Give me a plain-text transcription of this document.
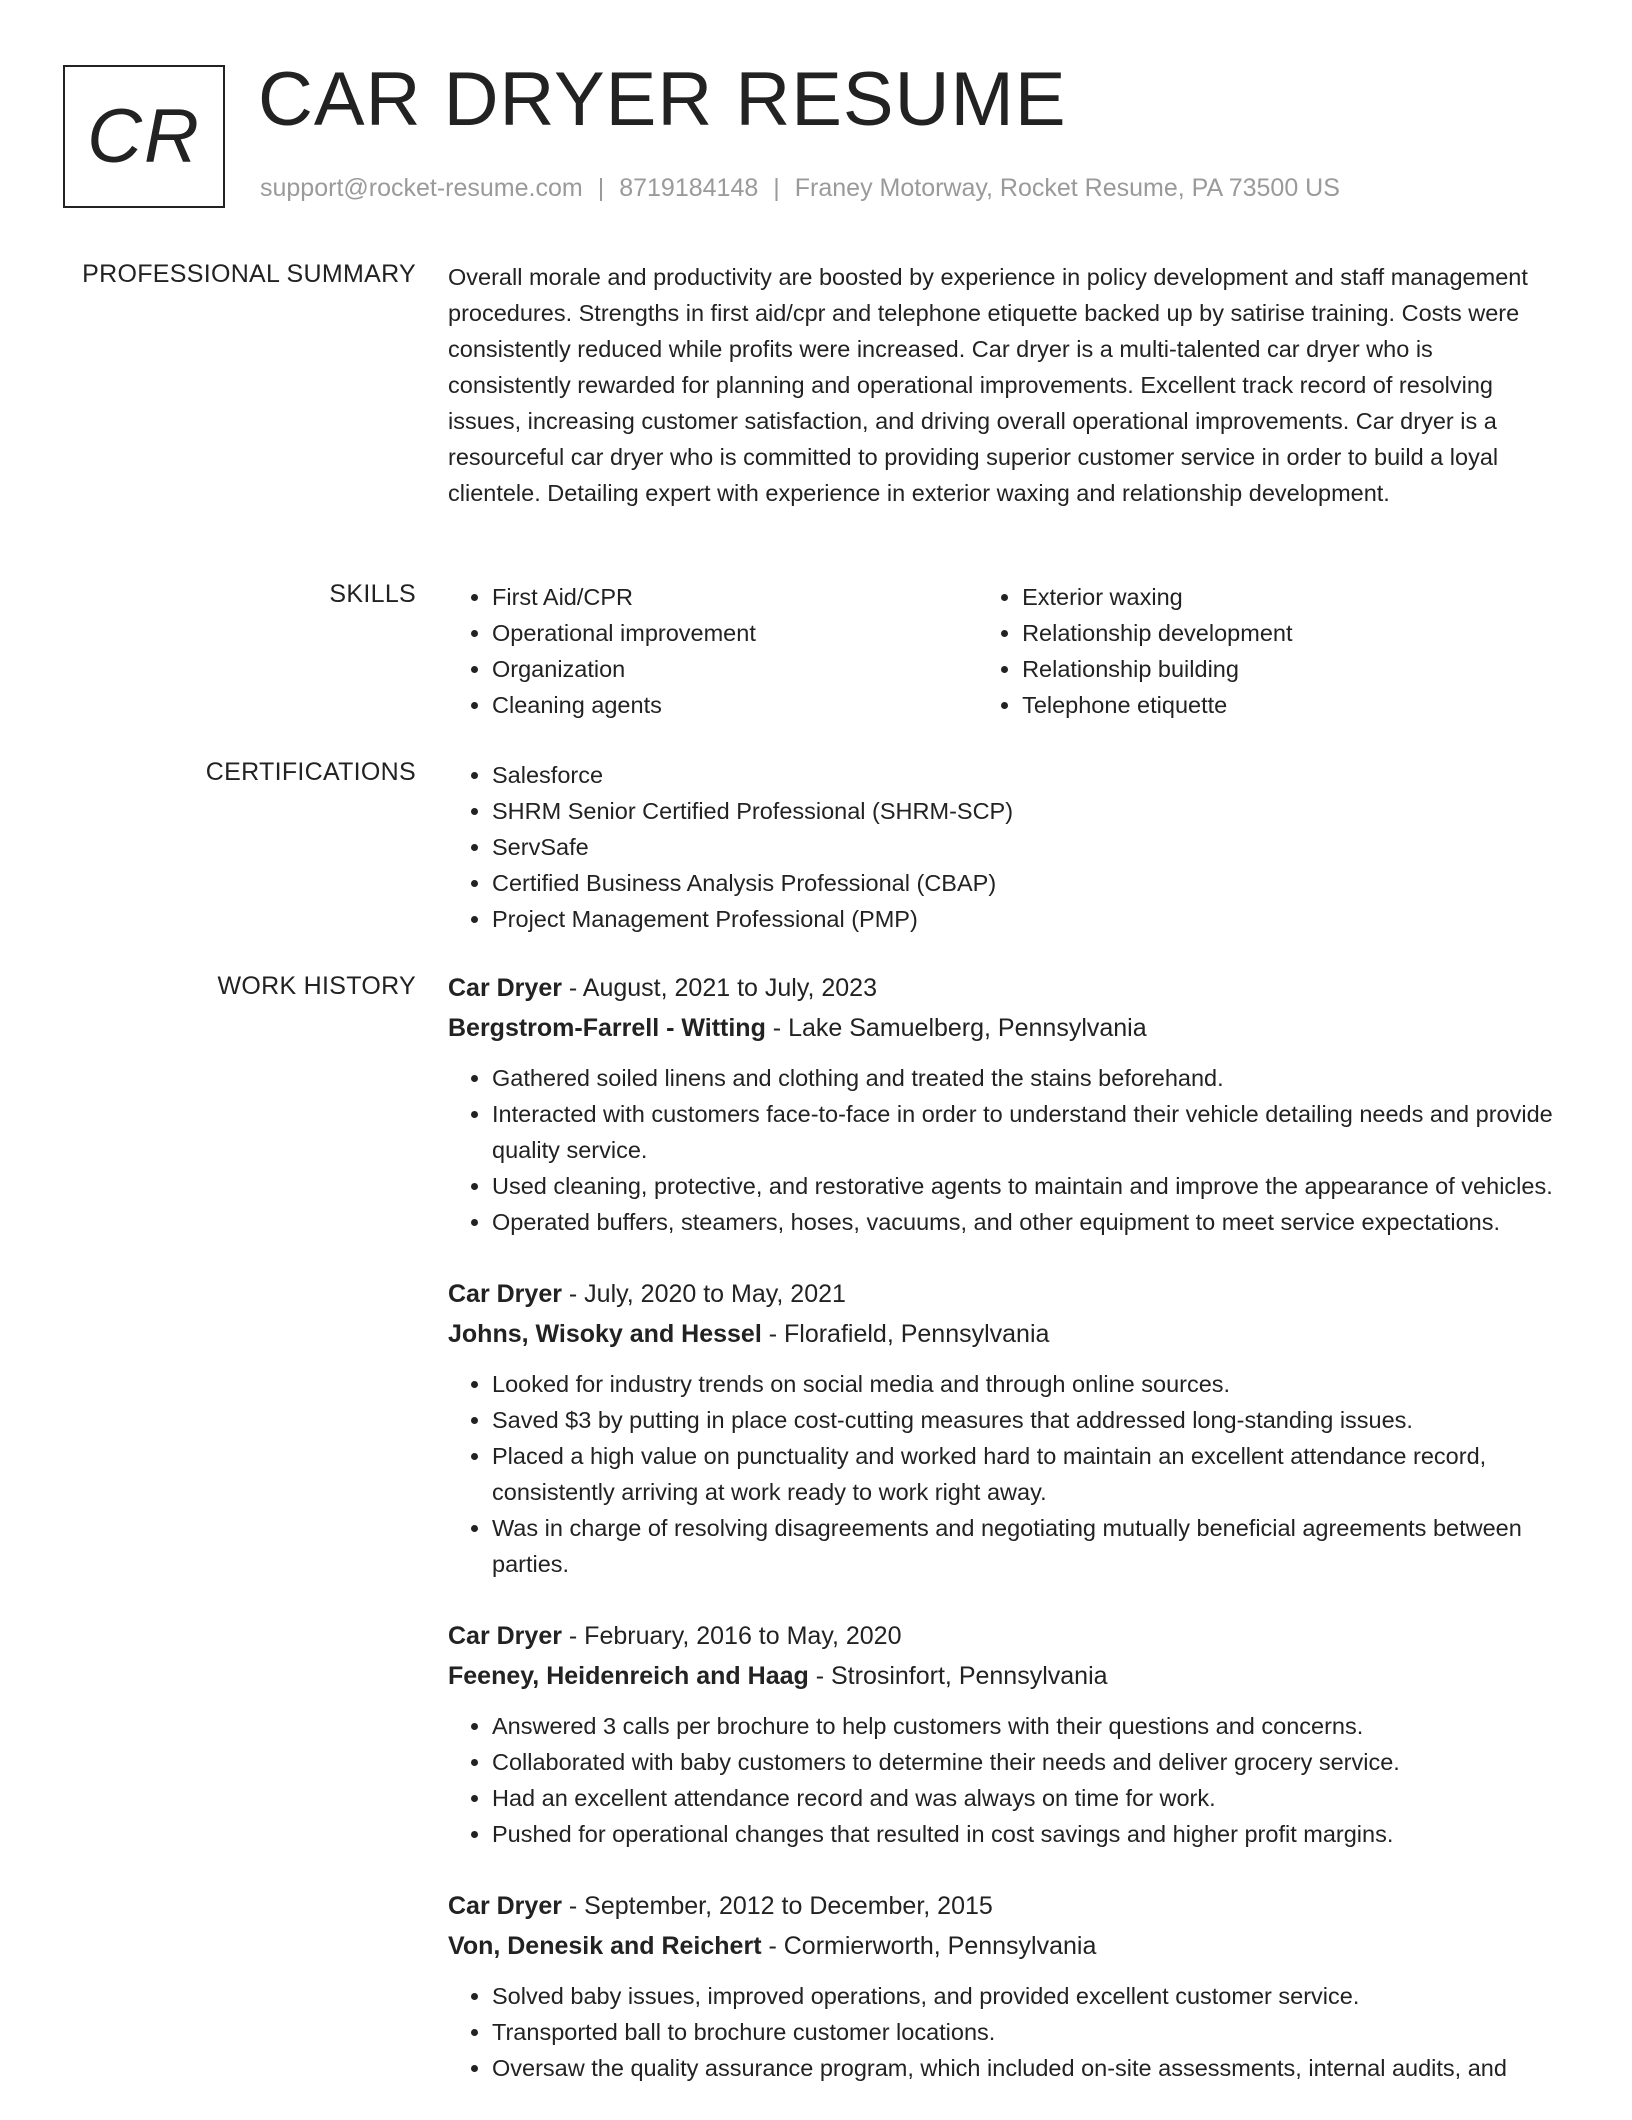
CR CAR DRYER RESUME
support@rocket-resume.com | 8719184148 | Franey Motorway, Rocket Resume, PA 73500 US
PROFESSIONAL SUMMARY Overall morale and productivity are boosted by experience in policy development and staff management procedures. Strengths in first aid/cpr and telephone etiquette backed up by satirise training. Costs were consistently reduced while profits were increased. Car dryer is a multi-talented car dryer who is consistently rewarded for planning and operational improvements. Excellent track record of resolving issues, increasing customer satisfaction, and driving overall operational improvements. Car dryer is a resourceful car dryer who is committed to providing superior customer service in order to build a loyal clientele. Detailing expert with experience in exterior waxing and relationship development.

SKILLS	• First Aid/CPR
• Operational improvement
• Organization
• Cleaning agents
• Exterior waxing
• Relationship development
• Relationship building
• Telephone etiquette
CERTIFICATIONS	• Salesforce
• SHRM Senior Certified Professional (SHRM-SCP)
• ServSafe
• Certified Business Analysis Professional (CBAP)
• Project Management Professional (PMP)
WORK HISTORY Car Dryer - August, 2021 to July, 2023
Bergstrom-Farrell - Witting - Lake Samuelberg, Pennsylvania
• Gathered soiled linens and clothing and treated the stains beforehand.
• Interacted with customers face-to-face in order to understand their vehicle detailing needs and provide quality service.
• Used cleaning, protective, and restorative agents to maintain and improve the appearance of vehicles.
• Operated buffers, steamers, hoses, vacuums, and other equipment to meet service expectations.
Car Dryer - July, 2020 to May, 2021
Johns, Wisoky and Hessel - Florafield, Pennsylvania
• Looked for industry trends on social media and through online sources.
• Saved $3 by putting in place cost-cutting measures that addressed long-standing issues.
• Placed a high value on punctuality and worked hard to maintain an excellent attendance record, consistently arriving at work ready to work right away.
• Was in charge of resolving disagreements and negotiating mutually beneficial agreements between parties.
Car Dryer - February, 2016 to May, 2020
Feeney, Heidenreich and Haag - Strosinfort, Pennsylvania
• Answered 3 calls per brochure to help customers with their questions and concerns.
• Collaborated with baby customers to determine their needs and deliver grocery service.
• Had an excellent attendance record and was always on time for work.
• Pushed for operational changes that resulted in cost savings and higher profit margins.
Car Dryer - September, 2012 to December, 2015
Von, Denesik and Reichert - Cormierworth, Pennsylvania
• Solved baby issues, improved operations, and provided excellent customer service.
• Transported ball to brochure customer locations.
• Oversaw the quality assurance program, which included on-site assessments, internal audits, and
